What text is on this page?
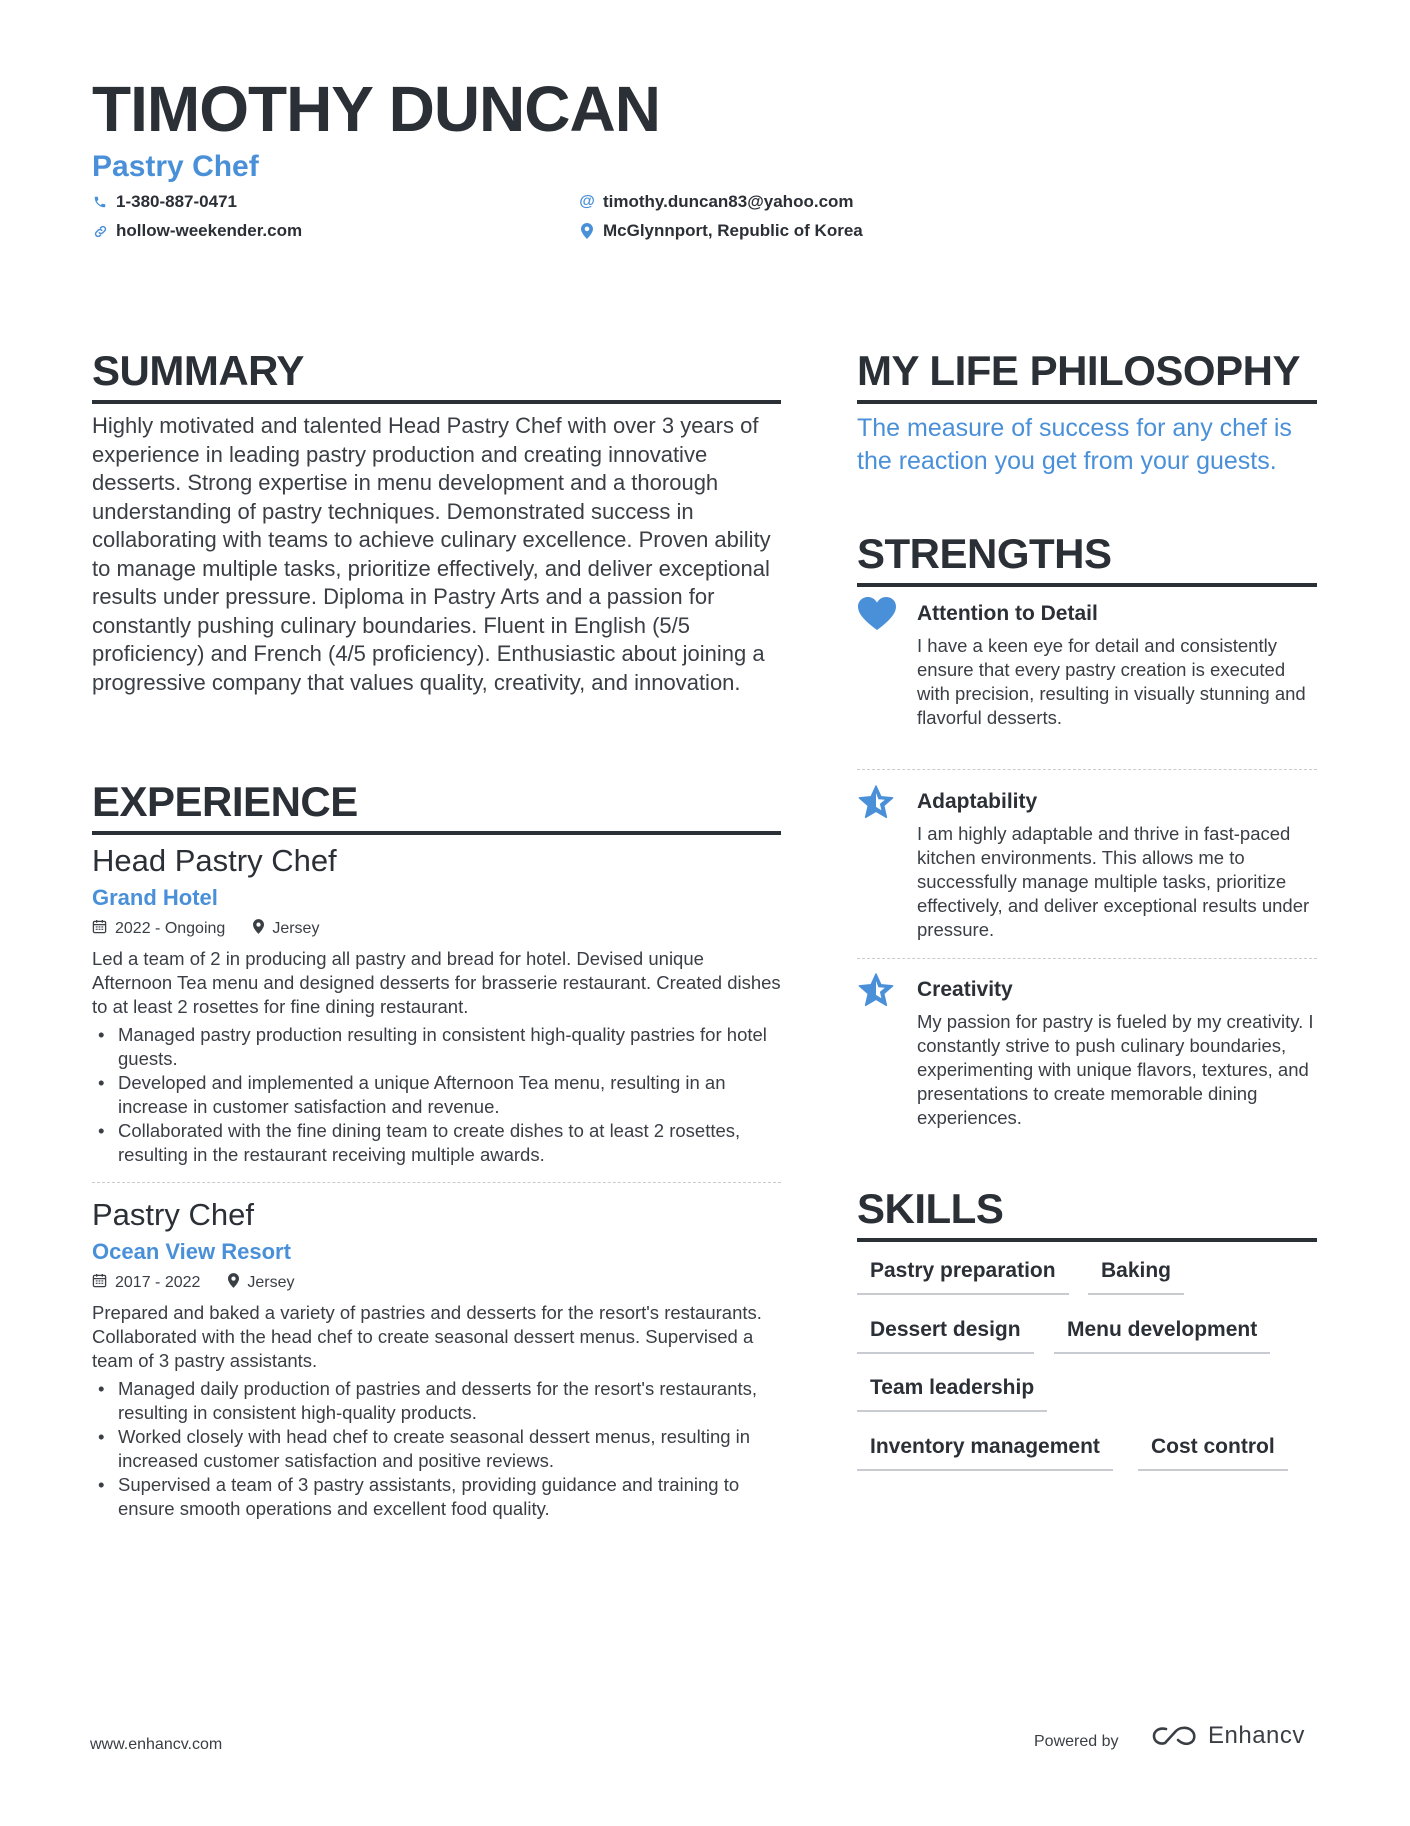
TIMOTHY DUNCAN
Pastry Chef
1-380-887-0471
hollow-weekender.com
@ timothy.duncan83@yahoo.com
McGlynnport, Republic of Korea
SUMMARY
Highly motivated and talented Head Pastry Chef with over 3 years of experience in leading pastry production and creating innovative desserts. Strong expertise in menu development and a thorough understanding of pastry techniques. Demonstrated success in collaborating with teams to achieve culinary excellence. Proven ability to manage multiple tasks, prioritize effectively, and deliver exceptional results under pressure. Diploma in Pastry Arts and a passion for constantly pushing culinary boundaries. Fluent in English (5/5 proficiency) and French (4/5 proficiency). Enthusiastic about joining a progressive company that values quality, creativity, and innovation.
EXPERIENCE
Head Pastry Chef
Grand Hotel
2022 - Ongoing	Jersey
Led a team of 2 in producing all pastry and bread for hotel. Devised unique Afternoon Tea menu and designed desserts for brasserie restaurant. Created dishes to at least 2 rosettes for fine dining restaurant.
• Managed pastry production resulting in consistent high-quality pastries for hotel guests.
• Developed and implemented a unique Afternoon Tea menu, resulting in an increase in customer satisfaction and revenue.
• Collaborated with the fine dining team to create dishes to at least 2 rosettes, resulting in the restaurant receiving multiple awards.
Pastry Chef
Ocean View Resort
2017 - 2022	Jersey
Prepared and baked a variety of pastries and desserts for the resort's restaurants. Collaborated with the head chef to create seasonal dessert menus. Supervised a team of 3 pastry assistants.
• Managed daily production of pastries and desserts for the resort's restaurants, resulting in consistent high-quality products.
• Worked closely with head chef to create seasonal dessert menus, resulting in increased customer satisfaction and positive reviews.
• Supervised a team of 3 pastry assistants, providing guidance and training to ensure smooth operations and excellent food quality.
MY LIFE PHILOSOPHY
The measure of success for any chef is the reaction you get from your guests.
STRENGTHS
Attention to Detail
I have a keen eye for detail and consistently ensure that every pastry creation is executed with precision, resulting in visually stunning and flavorful desserts.
Adaptability
I am highly adaptable and thrive in fast-paced kitchen environments. This allows me to successfully manage multiple tasks, prioritize effectively, and deliver exceptional results under pressure.
Creativity
My passion for pastry is fueled by my creativity. I constantly strive to push culinary boundaries, experimenting with unique flavors, textures, and presentations to create memorable dining experiences.
SKILLS
Pastry preparation	Baking
Dessert design	Menu development
Team leadership
Inventory management	Cost control
www.enhancv.com	Powered by	Enhancv
